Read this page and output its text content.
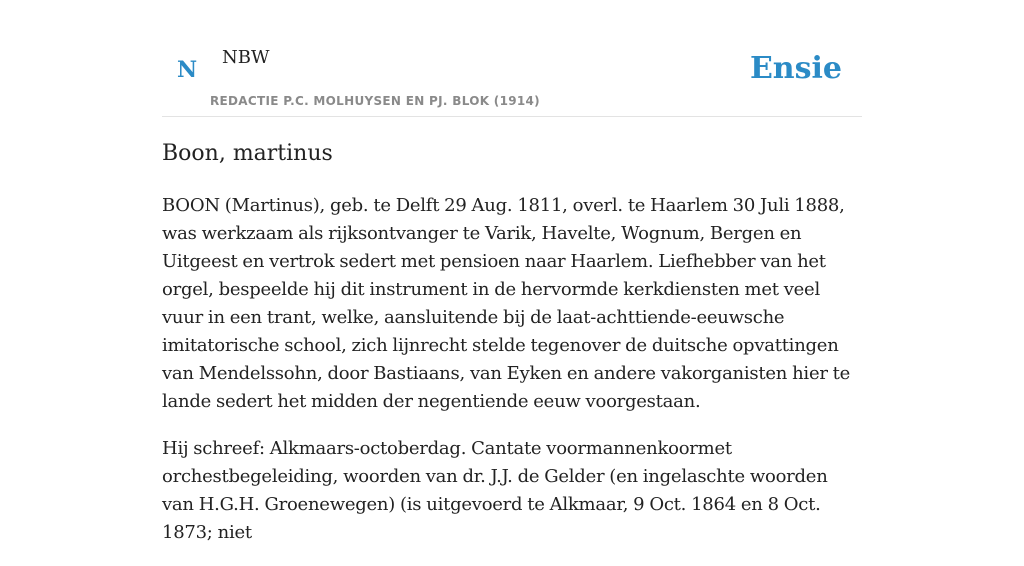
N NBW
REDACTIE P.C. MOLHUYSEN EN PJ. BLOK (1914)
Ensie
Boon, martinus

BOON (Martinus), geb. te Delft 29 Aug. 1811, overl. te Haarlem 30 Juli 1888, was werkzaam als rijksontvanger te Varik, Havelte, Wognum, Bergen en Uitgeest en vertrok sedert met pensioen naar Haarlem. Liefhebber van het orgel, bespeelde hij dit instrument in de hervormde kerkdiensten met veel vuur in een trant, welke, aansluitende bij de laat-achttiende-eeuwsche imitatorische school, zich lijnrecht stelde tegenover de duitsche opvattingen van Mendelssohn, door Bastiaans, van Eyken en andere vakorganisten hier te lande sedert het midden der negentiende eeuw voorgestaan.

Hij schreef: Alkmaars-octoberdag. Cantate voormannenkoormet orchestbegeleiding, woorden van dr. J.J. de Gelder (en ingelaschte woorden van H.G.H. Groenewegen) (is uitgevoerd te Alkmaar, 9 Oct. 1864 en 8 Oct. 1873; niet
